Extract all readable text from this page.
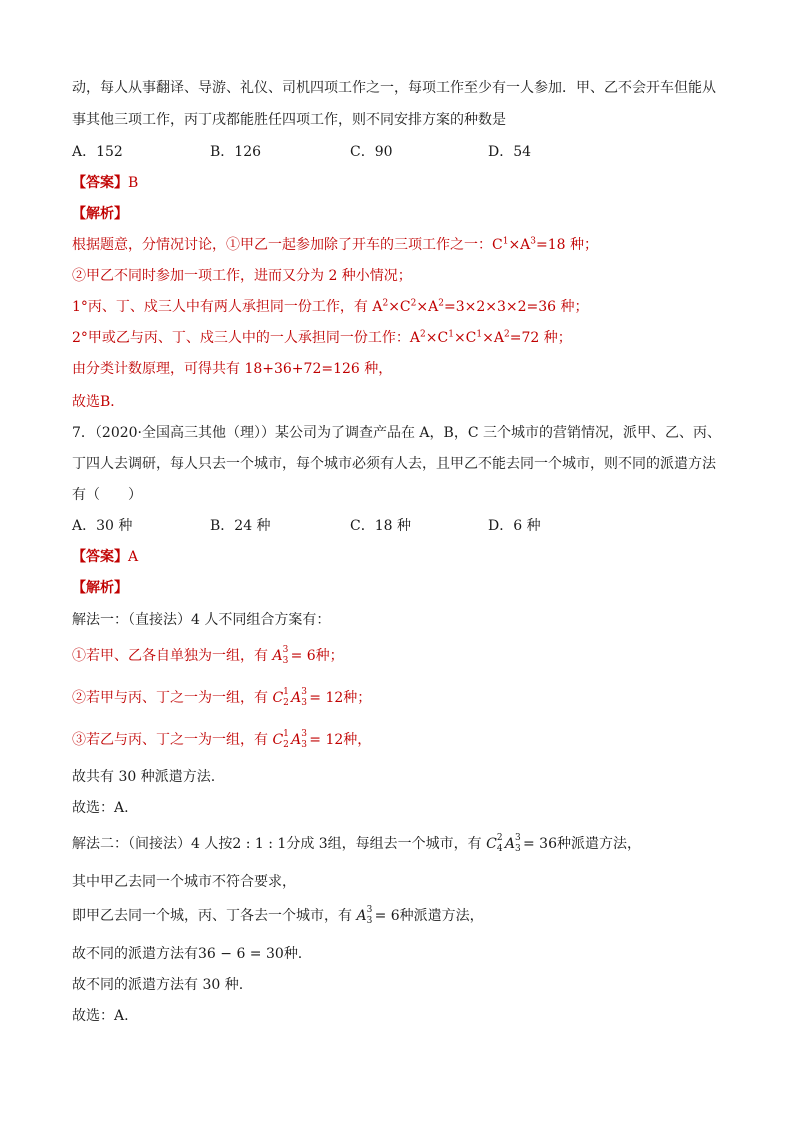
动，每人从事翻译、导游、礼仪、司机四项工作之一，每项工作至少有一人参加．甲、乙不会开车但能从
事其他三项工作，丙丁戌都能胜任四项工作，则不同安排方案的种数是
A．152	B．126	C．90	D．54
【答案】B
【解析】
根据题意，分情况讨论，①甲乙一起参加除了开车的三项工作之一：$C^1\times A^3=18$ 种；
②甲乙不同时参加一项工作，进而又分为 2 种小情况；
1°丙、丁、戍三人中有两人承担同一份工作，有 $A^2\times C^2\times A^2=3\times 2\times 3\times 2=36$ 种；
2°甲或乙与丙、丁、戍三人中的一人承担同一份工作：$A^2\times C^1\times C^1\times A^2=72$ 种；
由分类计数原理，可得共有 18+36+72=126 种，
故选B．
7．（2020·全国高三其他（理））某公司为了调查产品在 A，B，C 三个城市的营销情况，派甲、乙、丙、
丁四人去调研，每人只去一个城市，每个城市必须有人去，且甲乙不能去同一个城市，则不同的派遣方法
有（　　）
A．30 种	B．24 种	C．18 种	D．6 种
【答案】A
【解析】
解法一：（直接法）4 人不同组合方案有：
①若甲、乙各自单独为一组，有 A 3
3 = 6种；
②若甲与丙、丁之一为一组，有 C 1
2 A 3
3 = 12种；
③若乙与丙、丁之一为一组，有 C 1
2 A 3
3 = 12种，
故共有 30 种派遣方法.
故选：A.
解法二：（间接法）4 人按2 : 1 : 1分成 3组，每组去一个城市，有 C 2
4 A 3
3 = 36种派遣方法，
其中甲乙去同一个城市不符合要求，
即甲乙去同一个城，丙、丁各去一个城市，有 A 3
3 = 6种派遣方法，
故不同的派遣方法有36 − 6 = 30种.
故不同的派遣方法有 30 种.
故选：A.
